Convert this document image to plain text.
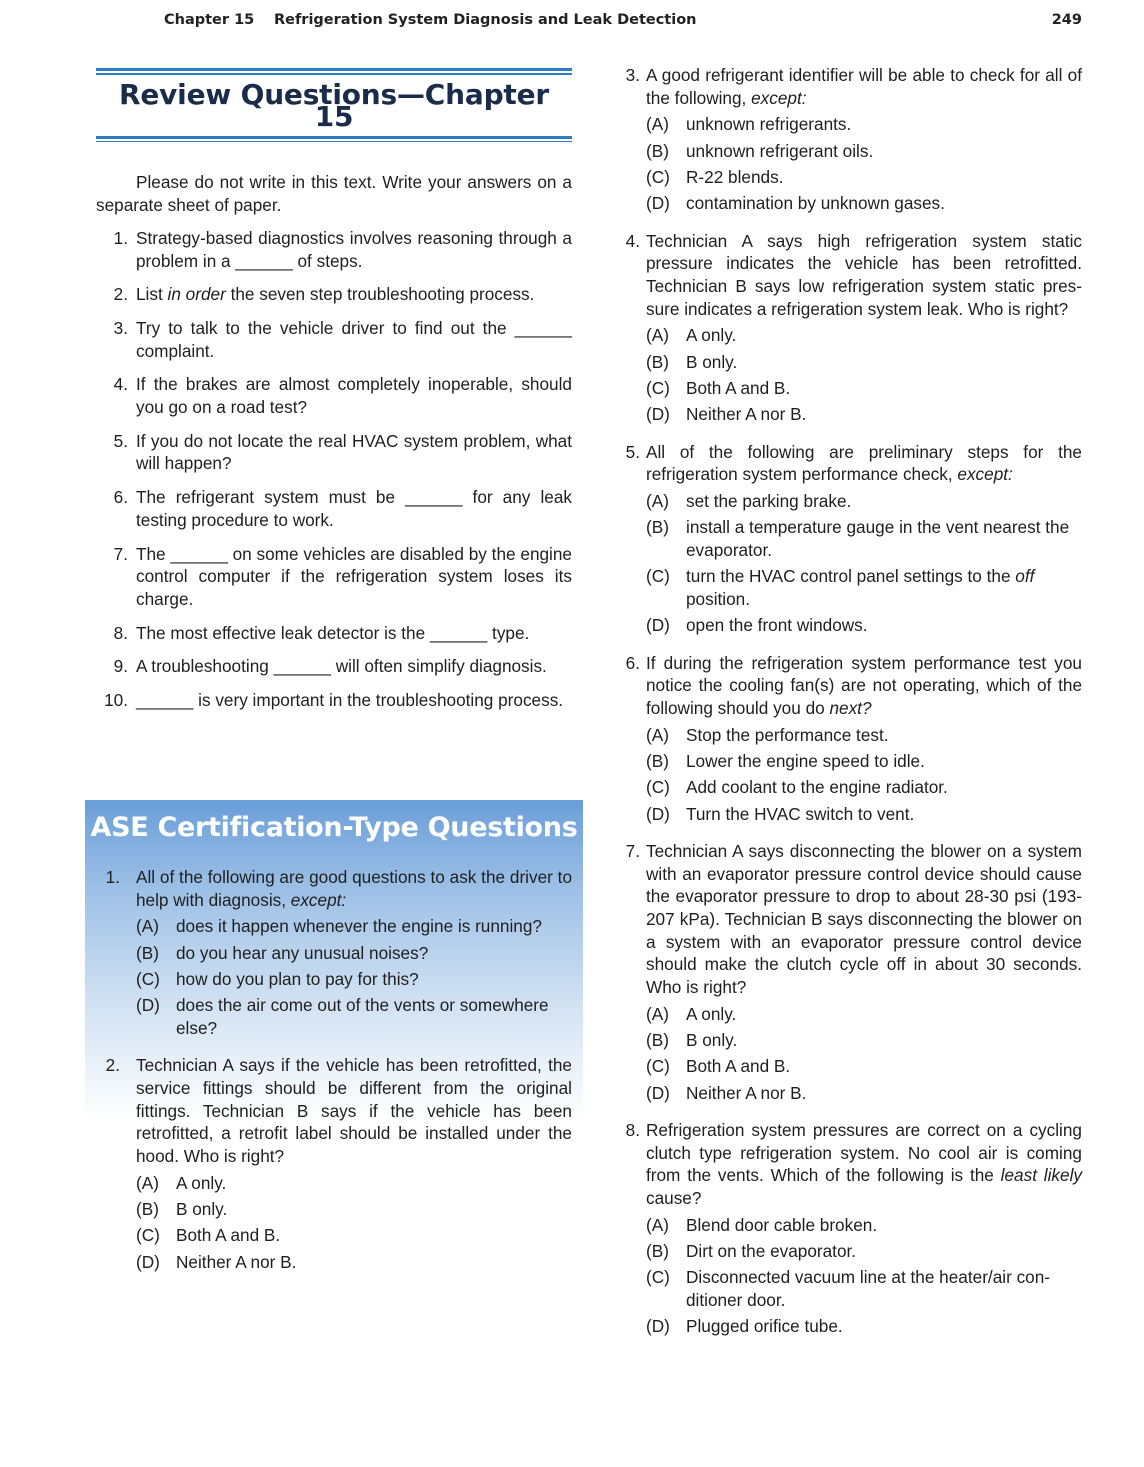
Chapter 15 Refrigeration System Diagnosis and Leak Detection	249
Review Questions—Chapter 15

Please do not write in this text. Write your answers on a separate sheet of paper.

1. Strategy-based diagnostics involves reasoning through a problem in a ______ of steps.
2. List in order the seven step troubleshooting process.
3. Try to talk to the vehicle driver to find out the ______ complaint.
4. If the brakes are almost completely inoperable, should you go on a road test?
5. If you do not locate the real HVAC system problem, what will happen?
6. The refrigerant system must be ______ for any leak testing procedure to work.
7. The ______ on some vehicles are disabled by the engine control computer if the refrigeration system loses its charge.
8. The most effective leak detector is the ______ type.
9. A troubleshooting ______ will often simplify diagnosis.
10. ______ is very important in the troubleshooting process.
ASE Certification-Type Questions
1. All of the following are good questions to ask the driver to help with diagnosis, except:
(A) does it happen whenever the engine is running?
(B) do you hear any unusual noises?
(C) how do you plan to pay for this?
(D) does the air come out of the vents or somewhere else?
2. Technician A says if the vehicle has been retrofitted, the service fittings should be different from the original fittings. Technician B says if the vehicle has been retrofitted, a retrofit label should be installed under the hood. Who is right?
(A) A only.
(B) B only.
(C) Both A and B.
(D) Neither A nor B.
3. A good refrigerant identifier will be able to check for all of the following, except:
(A) unknown refrigerants.
(B) unknown refrigerant oils.
(C) R-22 blends.
(D) contamination by unknown gases.
4. Technician A says high refrigeration system static pressure indicates the vehicle has been retrofitted. Technician B says low refrigeration system static pres-sure indicates a refrigeration system leak. Who is right?
(A) A only.
(B) B only.
(C) Both A and B.
(D) Neither A nor B.
5. All of the following are preliminary steps for the refrigeration system performance check, except:
(A) set the parking brake.
(B) install a temperature gauge in the vent nearest the evaporator.
(C) turn the HVAC control panel settings to the off position.
(D) open the front windows.
6. If during the refrigeration system performance test you notice the cooling fan(s) are not operating, which of the following should you do next?
(A) Stop the performance test.
(B) Lower the engine speed to idle.
(C) Add coolant to the engine radiator.
(D) Turn the HVAC switch to vent.
7. Technician A says disconnecting the blower on a system with an evaporator pressure control device should cause the evaporator pressure to drop to about 28-30 psi (193-207 kPa). Technician B says disconnecting the blower on a system with an evaporator pressure control device should make the clutch cycle off in about 30 seconds. Who is right?
(A) A only.
(B) B only.
(C) Both A and B.
(D) Neither A nor B.
8. Refrigeration system pressures are correct on a cycling clutch type refrigeration system. No cool air is coming from the vents. Which of the following is the least likely cause?
(A) Blend door cable broken.
(B) Dirt on the evaporator.
(C) Disconnected vacuum line at the heater/air con-ditioner door.
(D) Plugged orifice tube.
